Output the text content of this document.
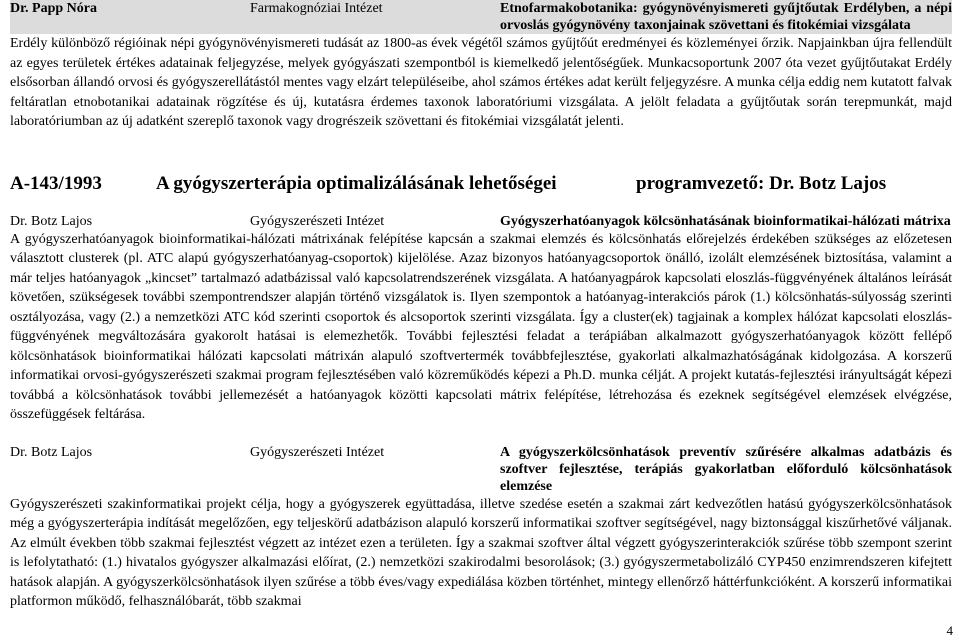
Dr. Papp Nóra	Farmakognóziai Intézet	Etnofarmakobotanika: gyógynövényismereti gyűjtőutak Erdélyben, a népi orvoslás gyógynövény taxonjainak szövettani és fitokémiai vizsgálata

Erdély különböző régióinak népi gyógynövényismereti tudását az 1800-as évek végétől számos gyűjtőút eredményei és közleményei őrzik. Napjainkban újra fellendült az egyes területek értékes adatainak feljegyzése, melyek gyógyászati szempontból is kiemelkedő jelentőségűek. Munkacsoportunk 2007 óta vezet gyűjtőutakat Erdély elsősorban állandó orvosi és gyógyszerellátástól mentes vagy elzárt településeibe, ahol számos értékes adat került feljegyzésre. A munka célja eddig nem kutatott falvak feltáratlan etnobotanikai adatainak rögzítése és új, kutatásra érdemes taxonok laboratóriumi vizsgálata. A jelölt feladata a gyűjtőutak során terepmunkát, majd laboratóriumban az új adatként szereplő taxonok vagy drogrészeik szövettani és fitokémiai vizsgálatát jelenti.

A-143/1993	A gyógyszerterápia optimalizálásának lehetőségei	programvezető: Dr. Botz Lajos
Dr. Botz Lajos	Gyógyszerészeti Intézet	Gyógyszerhatóanyagok kölcsönhatásának bioinformatikai-hálózati mátrixa

A gyógyszerhatóanyagok bioinformatikai-hálózati mátrixának felépítése kapcsán a szakmai elemzés és kölcsönhatás előrejelzés érdekében szükséges az előzetesen választott clusterek (pl. ATC alapú gyógyszerhatóanyag-csoportok) kijelölése. Azaz bizonyos hatóanyagcsoportok önálló, izolált elemzésének biztosítása, valamint a már teljes hatóanyagok „kincset” tartalmazó adatbázissal való kapcsolatrendszerének vizsgálata. A hatóanyagpárok kapcsolati eloszlás-függvényének általános leírását követően, szükségesek további szempontrendszer alapján történő vizsgálatok is. Ilyen szempontok a hatóanyag-interakciós párok (1.) kölcsönhatás-súlyosság szerinti osztályozása, vagy (2.) a nemzetközi ATC kód szerinti csoportok és alcsoportok szerinti vizsgálata. Így a cluster(ek) tagjainak a komplex hálózat kapcsolati eloszlás-függvényének megváltozására gyakorolt hatásai is elemezhetők. További fejlesztési feladat a terápiában alkalmazott gyógyszerhatóanyagok között fellépő kölcsönhatások bioinformatikai hálózati kapcsolati mátrixán alapuló szoftvertermék továbbfejlesztése, gyakorlati alkalmazhatóságának kidolgozása. A korszerű informatikai orvosi-gyógyszerészeti szakmai program fejlesztésében való közreműködés képezi a Ph.D. munka célját. A projekt kutatás-fejlesztési irányultságát képezi továbbá a kölcsönhatások további jellemezését a hatóanyagok közötti kapcsolati mátrix felépítése, létrehozása és ezeknek segítségével elemzések elvégzése, összefüggések feltárása.

Dr. Botz Lajos	Gyógyszerészeti Intézet	A gyógyszerkölcsönhatások preventív szűrésére alkalmas adatbázis és szoftver fejlesztése, terápiás gyakorlatban előforduló kölcsönhatások elemzése

Gyógyszerészeti szakinformatikai projekt célja, hogy a gyógyszerek együttadása, illetve szedése esetén a szakmai zárt kedvezőtlen hatású gyógyszerkölcsönhatások még a gyógyszerterápia indítását megelőzően, egy teljeskörű adatbázison alapuló korszerű informatikai szoftver segítségével, nagy biztonsággal kiszűrhetővé váljanak. Az elmúlt években több szakmai fejlesztést végzett az intézet ezen a területen. Így a szakmai szoftver által végzett gyógyszerinterakciók szűrése több szempont szerint is lefolytatható: (1.) hivatalos gyógyszer alkalmazási előírat, (2.) nemzetközi szakirodalmi besorolások; (3.) gyógyszermetabolizáló CYP450 enzimrendszeren kifejtett hatások alapján. A gyógyszerkölcsönhatások ilyen szűrése a több éves/vagy expediálása közben történhet, mintegy ellenőrző háttérfunkcióként. A korszerű informatikai platformon működő, felhasználóbarát, több szakmai

4
